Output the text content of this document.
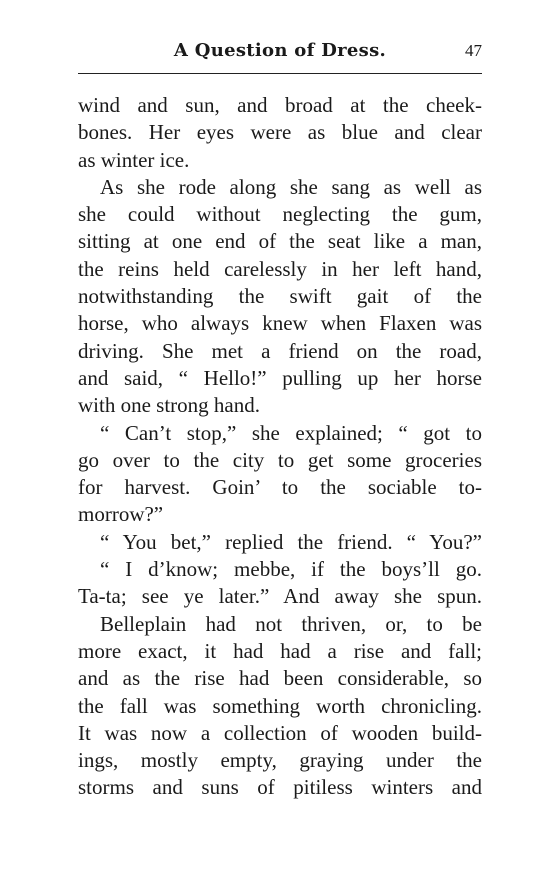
A Question of Dress.	47
wind and sun, and broad at the cheek-
bones. Her eyes were as blue and clear
as winter ice.
As she rode along she sang as well as
she could without neglecting the gum,
sitting at one end of the seat like a man,
the reins held carelessly in her left hand,
notwithstanding the swift gait of the
horse, who always knew when Flaxen was
driving. She met a friend on the road,
and said, “ Hello!” pulling up her horse
with one strong hand.
“ Can’t stop,” she explained; “ got to
go over to the city to get some groceries
for harvest. Goin’ to the sociable to-
morrow?”
“ You bet,” replied the friend. “ You?”
“ I d’know; mebbe, if the boys’ll go.
Ta-ta; see ye later.” And away she spun.
Belleplain had not thriven, or, to be
more exact, it had had a rise and fall;
and as the rise had been considerable, so
the fall was something worth chronicling.
It was now a collection of wooden build-
ings, mostly empty, graying under the
storms and suns of pitiless winters and
